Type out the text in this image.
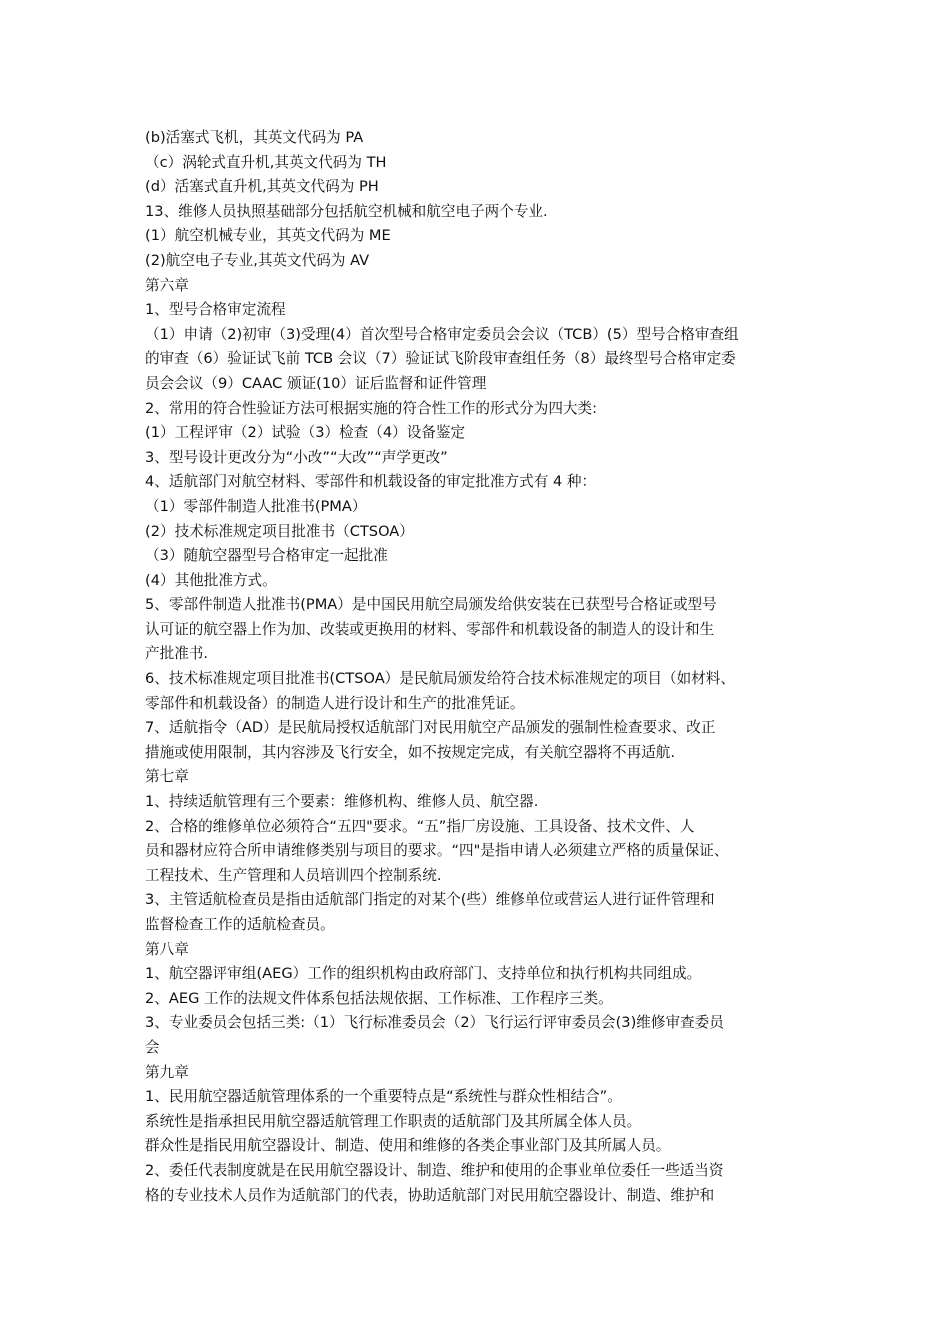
(b)活塞式飞机，其英文代码为 PA
（c）涡轮式直升机,其英文代码为 TH
(d）活塞式直升机,其英文代码为 PH
13、维修人员执照基础部分包括航空机械和航空电子两个专业.
(1）航空机械专业，其英文代码为 ME
(2)航空电子专业,其英文代码为 AV
第六章
1、型号合格审定流程
（1）申请（2)初审（3)受理(4）首次型号合格审定委员会会议（TCB）(5）型号合格审查组
的审查（6）验证试飞前 TCB 会议（7）验证试飞阶段审查组任务（8）最终型号合格审定委
员会会议（9）CAAC 颁证(10）证后监督和证件管理
2、常用的符合性验证方法可根据实施的符合性工作的形式分为四大类:
(1）工程评审（2）试验（3）检查（4）设备鉴定
3、型号设计更改分为“小改”“大改”“声学更改”
4、适航部门对航空材料、零部件和机载设备的审定批准方式有 4 种：
（1）零部件制造人批准书(PMA）
(2）技术标准规定项目批准书（CTSOA）
（3）随航空器型号合格审定一起批准
(4）其他批准方式。
5、零部件制造人批准书(PMA）是中国民用航空局颁发给供安装在已获型号合格证或型号
认可证的航空器上作为加、改装或更换用的材料、零部件和机载设备的制造人的设计和生
产批准书.
6、技术标准规定项目批准书(CTSOA）是民航局颁发给符合技术标准规定的项目（如材料、
零部件和机载设备）的制造人进行设计和生产的批准凭证。
7、适航指令（AD）是民航局授权适航部门对民用航空产品颁发的强制性检查要求、改正
措施或使用限制，其内容涉及飞行安全，如不按规定完成，有关航空器将不再适航.
第七章
1、持续适航管理有三个要素：维修机构、维修人员、航空器.
2、合格的维修单位必须符合“五四"要求。“五”指厂房设施、工具设备、技术文件、人
员和器材应符合所申请维修类别与项目的要求。“四"是指申请人必须建立严格的质量保证、
工程技术、生产管理和人员培训四个控制系统.
3、主管适航检查员是指由适航部门指定的对某个(些）维修单位或营运人进行证件管理和
监督检查工作的适航检查员。
第八章
1、航空器评审组(AEG）工作的组织机构由政府部门、支持单位和执行机构共同组成。
2、AEG 工作的法规文件体系包括法规依据、工作标准、工作程序三类。
3、专业委员会包括三类:（1）飞行标准委员会（2）飞行运行评审委员会(3)维修审查委员
会
第九章
1、民用航空器适航管理体系的一个重要特点是“系统性与群众性相结合”。
系统性是指承担民用航空器适航管理工作职责的适航部门及其所属全体人员。
群众性是指民用航空器设计、制造、使用和维修的各类企事业部门及其所属人员。
2、委任代表制度就是在民用航空器设计、制造、维护和使用的企事业单位委任一些适当资
格的专业技术人员作为适航部门的代表，协助适航部门对民用航空器设计、制造、维护和
